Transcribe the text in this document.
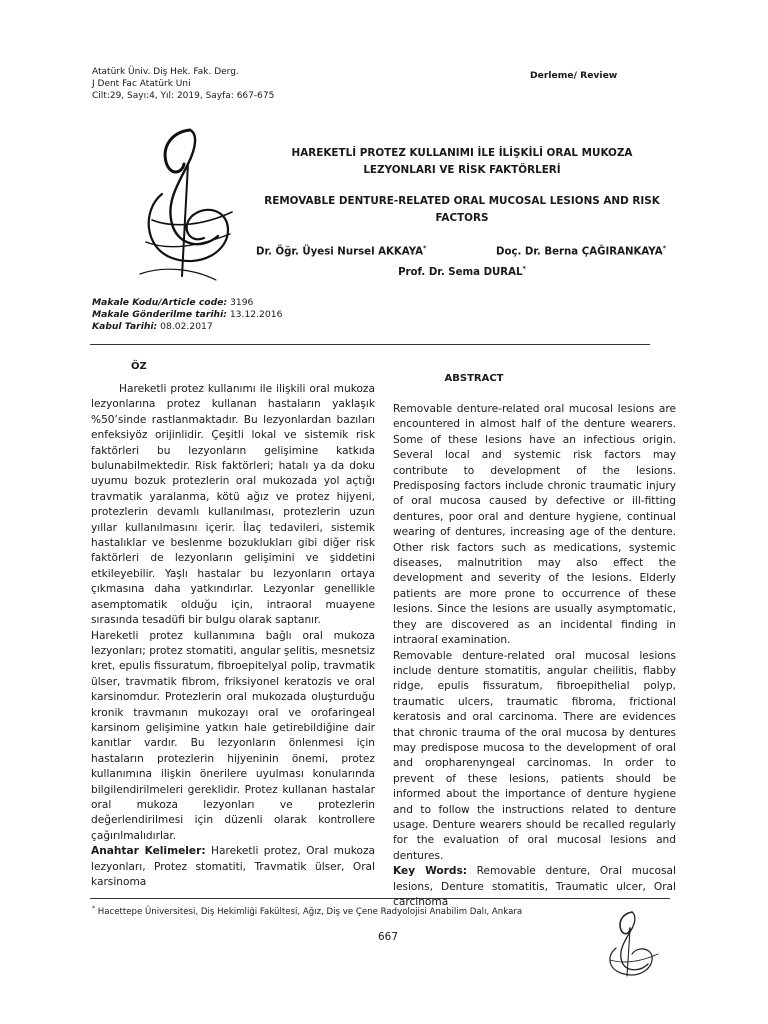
Atatürk Üniv. Diş Hek. Fak. Derg.
J Dent Fac Atatürk Uni
Cilt:29, Sayı:4, Yıl: 2019, Sayfa: 667-675
Derleme/ Review
HAREKETLİ PROTEZ KULLANIMI İLE İLİŞKİLİ ORAL MUKOZA
LEZYONLARI VE RİSK FAKTÖRLERİ
REMOVABLE DENTURE-RELATED ORAL MUCOSAL LESIONS AND RISK
FACTORS
Dr. Öğr. Üyesi Nursel AKKAYA*	Doç. Dr. Berna ÇAĞIRANKAYA*
Prof. Dr. Sema DURAL*
Makale Kodu/Article code: 3196
Makale Gönderilme tarihi: 13.12.2016
Kabul Tarihi: 08.02.2017
ÖZ

Hareketli protez kullanımı ile ilişkili oral mukoza lezyonlarına protez kullanan hastaların yaklaşık %50’sinde rastlanmaktadır. Bu lezyonlardan bazıları enfeksiyöz orijinlidir. Çeşitli lokal ve sistemik risk faktörleri bu lezyonların gelişimine katkıda bulunabilmektedir. Risk faktörleri; hatalı ya da doku uyumu bozuk protezlerin oral mukozada yol açtığı travmatik yaralanma, kötü ağız ve protez hijyeni, protezlerin devamlı kullanılması, protezlerin uzun yıllar kullanılmasını içerir. İlaç tedavileri, sistemik hastalıklar ve beslenme bozuklukları gibi diğer risk faktörleri de lezyonların gelişimini ve şiddetini etkileyebilir. Yaşlı hastalar bu lezyonların ortaya çıkmasına daha yatkındırlar. Lezyonlar genellikle asemptomatik olduğu için, intraoral muayene sırasında tesadüfi bir bulgu olarak saptanır.

Hareketli protez kullanımına bağlı oral mukoza lezyonları; protez stomatiti, angular şelitis, mesnetsiz kret, epulis fissuratum, fibroepitelyal polip, travmatik ülser, travmatik fibrom, friksiyonel keratozis ve oral karsinomdur. Protezlerin oral mukozada oluşturduğu kronik travmanın mukozayı oral ve orofaringeal karsinom gelişimine yatkın hale getirebildiğine dair kanıtlar vardır. Bu lezyonların önlenmesi için hastaların protezlerin hijyeninin önemi, protez kullanımına ilişkin önerilere uyulması konularında bilgilendirilmeleri gereklidir. Protez kullanan hastalar oral mukoza lezyonları ve protezlerin değerlendirilmesi için düzenli olarak kontrollere çağırılmalıdırlar.

Anahtar Kelimeler: Hareketli protez, Oral mukoza lezyonları, Protez stomatiti, Travmatik ülser, Oral karsinoma

ABSTRACT

Removable denture-related oral mucosal lesions are encountered in almost half of the denture wearers. Some of these lesions have an infectious origin. Several local and systemic risk factors may contribute to development of the lesions. Predisposing factors include chronic traumatic injury of oral mucosa caused by defective or ill-fitting dentures, poor oral and denture hygiene, continual wearing of dentures, increasing age of the denture. Other risk factors such as medications, systemic diseases, malnutrition may also effect the development and severity of the lesions. Elderly patients are more prone to occurrence of these lesions. Since the lesions are usually asymptomatic, they are discovered as an incidental finding in intraoral examination.

Removable denture-related oral mucosal lesions include denture stomatitis, angular cheilitis, flabby ridge, epulis fissuratum, fibroepithelial polyp, traumatic ulcers, traumatic fibroma, frictional keratosis and oral carcinoma. There are evidences that chronic trauma of the oral mucosa by dentures may predispose mucosa to the development of oral and oropharenyngeal carcinomas. In order to prevent of these lesions, patients should be informed about the importance of denture hygiene and to follow the instructions related to denture usage. Denture wearers should be recalled regularly for the evaluation of oral mucosal lesions and dentures.

Key Words: Removable denture, Oral mucosal lesions, Denture stomatitis, Traumatic ulcer, Oral carcinoma

* Hacettepe Üniversitesi, Diş Hekimliği Fakültesi, Ağız, Diş ve Çene Radyolojisi Anabilim Dalı, Ankara
667
